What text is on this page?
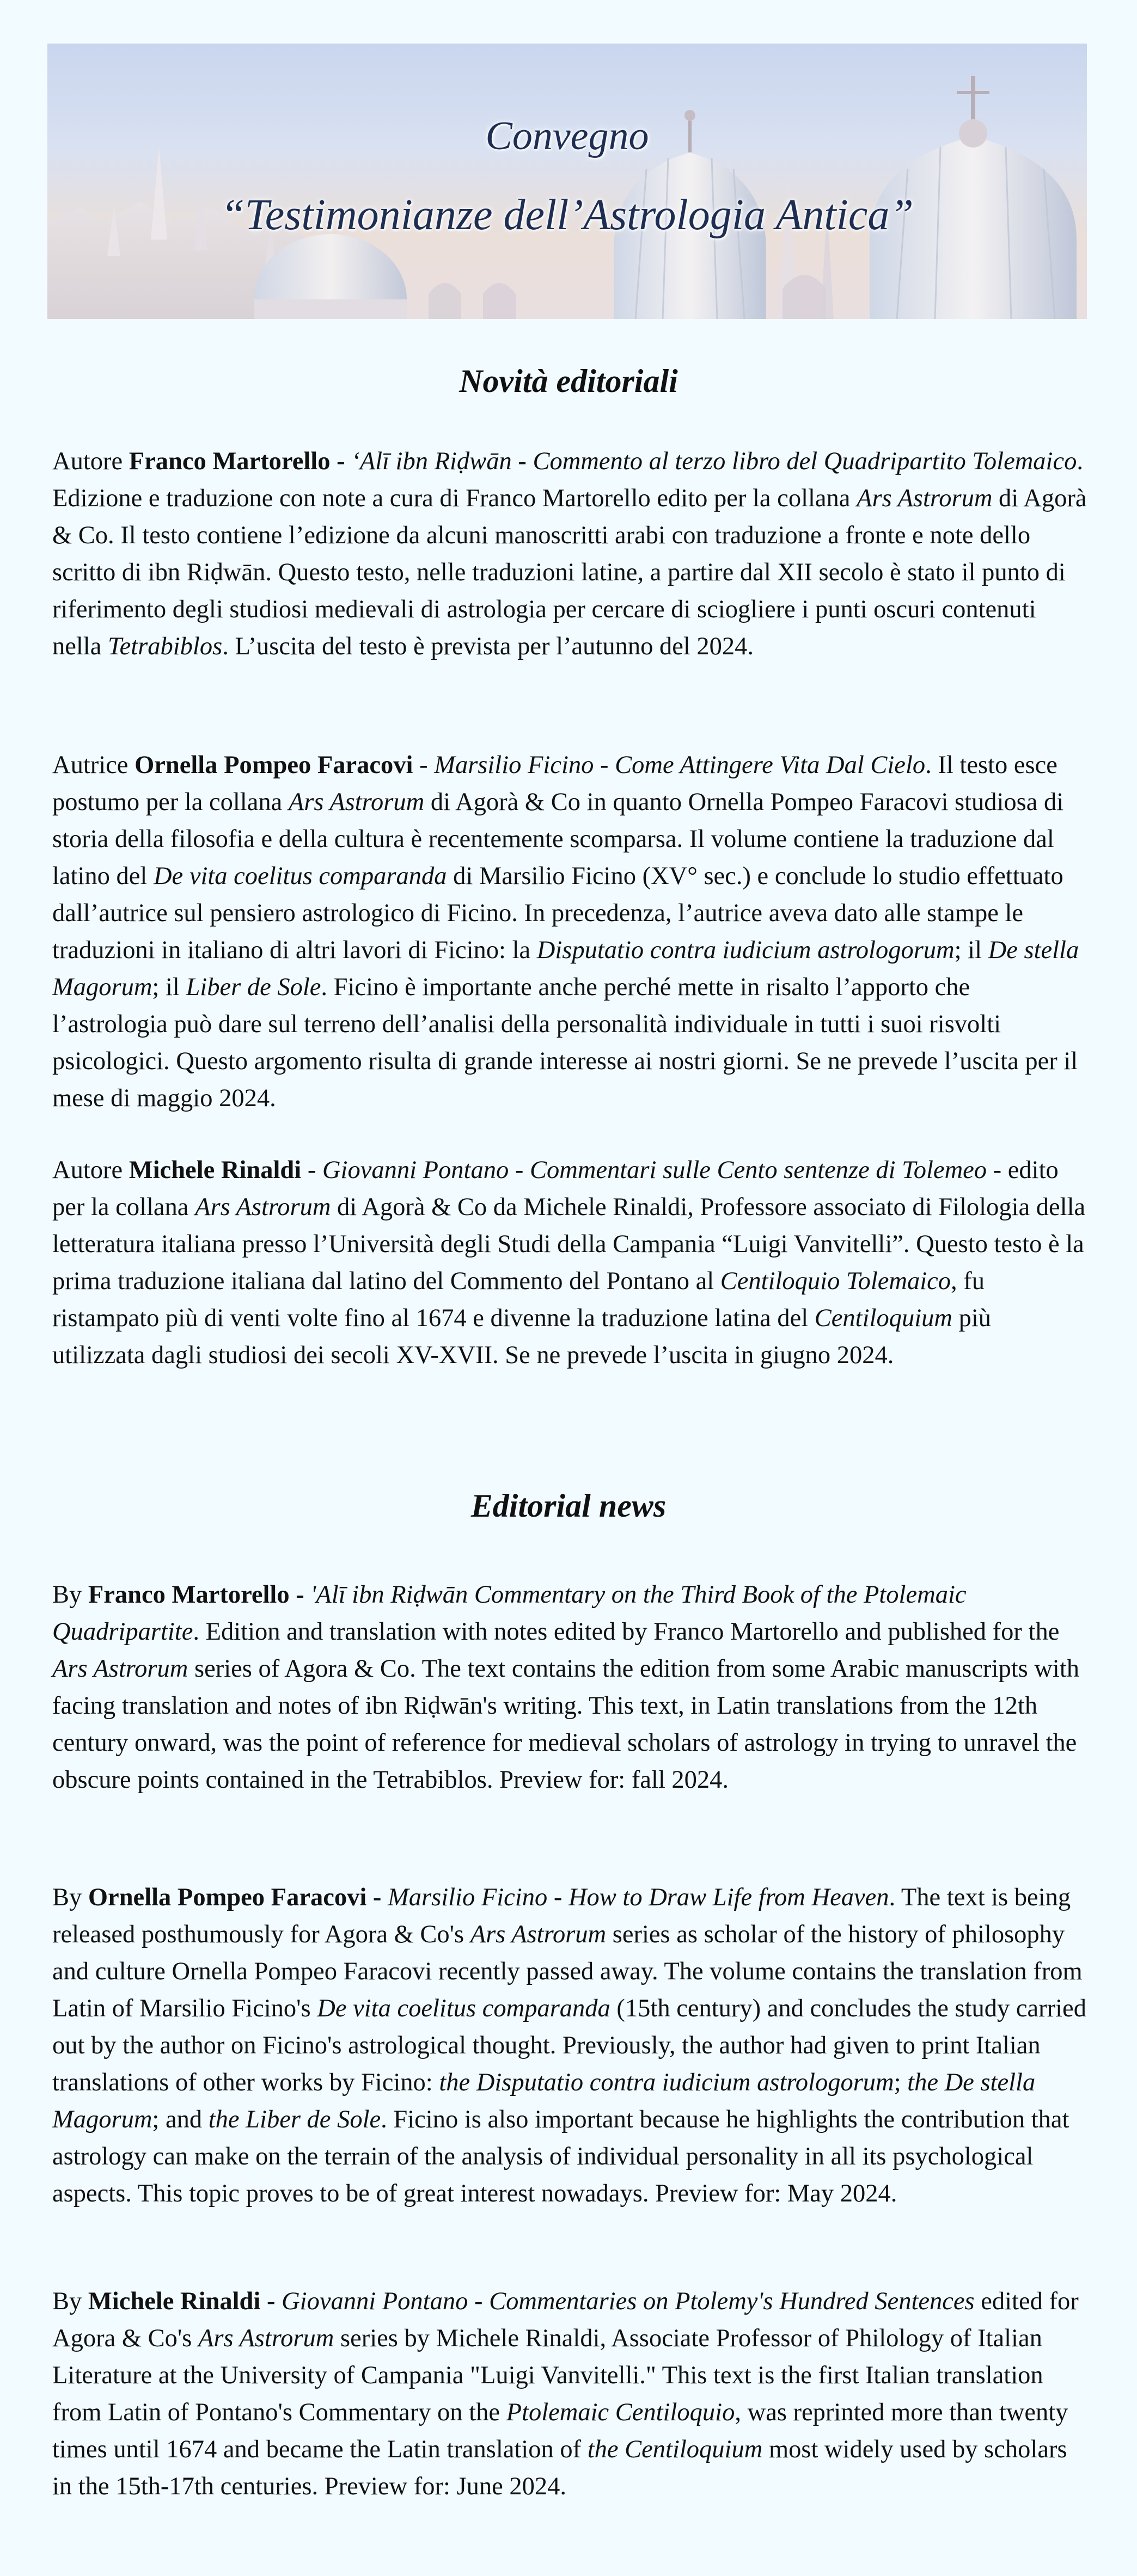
Convegno
“Testimonianze dell’Astrologia Antica”
Novità editoriali

Autore Franco Martorello - ‘Alī ibn Riḍwān - Commento al terzo libro del Quadripartito Tolemaico. Edizione e traduzione con note a cura di Franco Martorello edito per la collana Ars Astrorum di Agorà & Co. Il testo contiene l’edizione da alcuni manoscritti arabi con traduzione a fronte e note dello scritto di ibn Riḍwān. Questo testo, nelle traduzioni latine, a partire dal XII secolo è stato il punto di riferimento degli studiosi medievali di astrologia per cercare di sciogliere i punti oscuri contenuti nella Tetrabiblos. L’uscita del testo è prevista per l’autunno del 2024.

Autrice Ornella Pompeo Faracovi - Marsilio Ficino - Come Attingere Vita Dal Cielo. Il testo esce postumo per la collana Ars Astrorum di Agorà & Co in quanto Ornella Pompeo Faracovi studiosa di storia della filosofia e della cultura è recentemente scomparsa. Il volume contiene la traduzione dal latino del De vita coelitus comparanda di Marsilio Ficino (XV° sec.) e conclude lo studio effettuato dall’autrice sul pensiero astrologico di Ficino. In precedenza, l’autrice aveva dato alle stampe le traduzioni in italiano di altri lavori di Ficino: la Disputatio contra iudicium astrologorum; il De stella Magorum; il Liber de Sole. Ficino è importante anche perché mette in risalto l’apporto che l’astrologia può dare sul terreno dell’analisi della personalità individuale in tutti i suoi risvolti psicologici. Questo argomento risulta di grande interesse ai nostri giorni. Se ne prevede l’uscita per il mese di maggio 2024.

Autore Michele Rinaldi - Giovanni Pontano - Commentari sulle Cento sentenze di Tolemeo - edito per la collana Ars Astrorum di Agorà & Co da Michele Rinaldi, Professore associato di Filologia della letteratura italiana presso l’Università degli Studi della Campania “Luigi Vanvitelli”. Questo testo è la prima traduzione italiana dal latino del Commento del Pontano al Centiloquio Tolemaico, fu ristampato più di venti volte fino al 1674 e divenne la traduzione latina del Centiloquium più utilizzata dagli studiosi dei secoli XV-XVII. Se ne prevede l’uscita in giugno 2024.

Editorial news

By Franco Martorello - 'Alī ibn Riḍwān Commentary on the Third Book of the Ptolemaic Quadripartite. Edition and translation with notes edited by Franco Martorello and published for the Ars Astrorum series of Agora & Co. The text contains the edition from some Arabic manuscripts with facing translation and notes of ibn Riḍwān's writing. This text, in Latin translations from the 12th century onward, was the point of reference for medieval scholars of astrology in trying to unravel the obscure points contained in the Tetrabiblos. Preview for: fall 2024.

By Ornella Pompeo Faracovi - Marsilio Ficino - How to Draw Life from Heaven. The text is being released posthumously for Agora & Co's Ars Astrorum series as scholar of the history of philosophy and culture Ornella Pompeo Faracovi recently passed away. The volume contains the translation from Latin of Marsilio Ficino's De vita coelitus comparanda (15th century) and concludes the study carried out by the author on Ficino's astrological thought. Previously, the author had given to print Italian translations of other works by Ficino: the Disputatio contra iudicium astrologorum; the De stella Magorum; and the Liber de Sole. Ficino is also important because he highlights the contribution that astrology can make on the terrain of the analysis of individual personality in all its psychological aspects. This topic proves to be of great interest nowadays. Preview for: May 2024.

By Michele Rinaldi - Giovanni Pontano - Commentaries on Ptolemy's Hundred Sentences edited for Agora & Co's Ars Astrorum series by Michele Rinaldi, Associate Professor of Philology of Italian Literature at the University of Campania "Luigi Vanvitelli." This text is the first Italian translation from Latin of Pontano's Commentary on the Ptolemaic Centiloquio, was reprinted more than twenty times until 1674 and became the Latin translation of the Centiloquium most widely used by scholars in the 15th-17th centuries. Preview for: June 2024.
